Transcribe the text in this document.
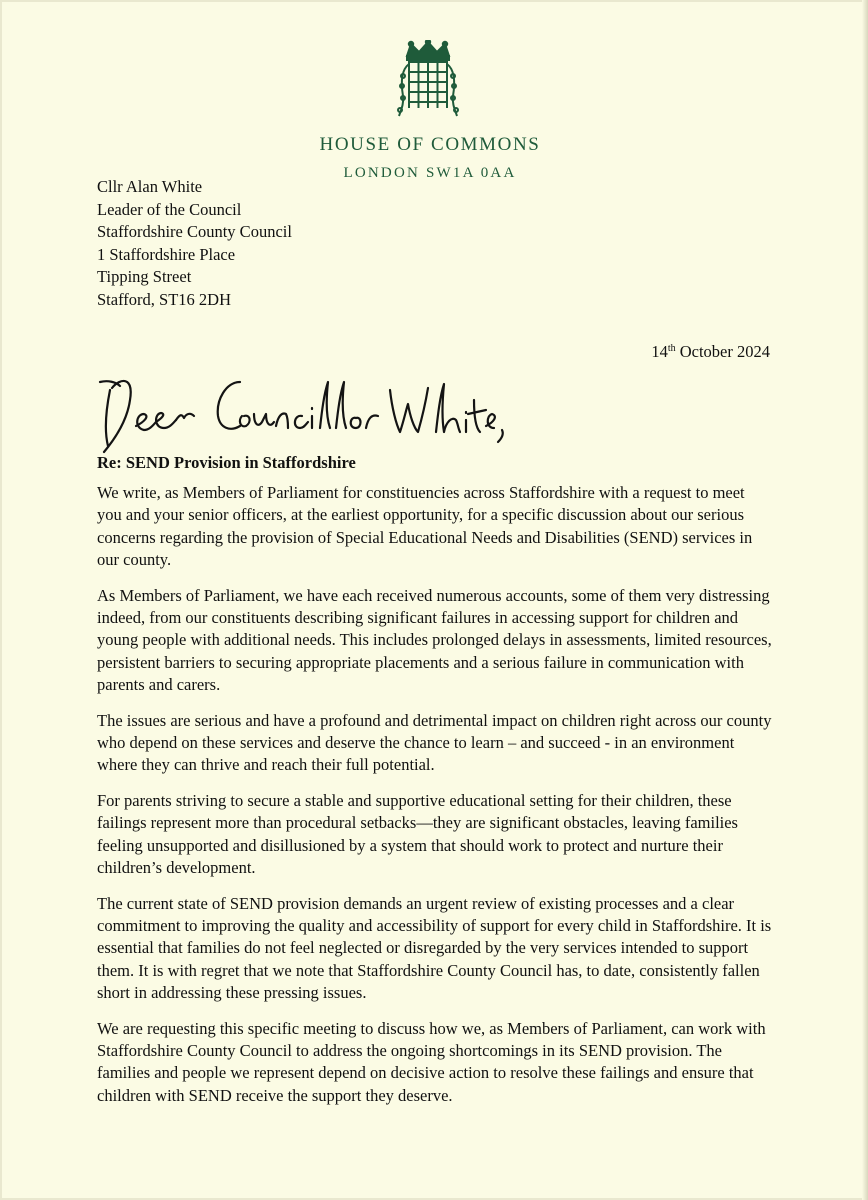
HOUSE OF COMMONS
LONDON SW1A 0AA
Cllr Alan White
Leader of the Council
Staffordshire County Council
1 Staffordshire Place
Tipping Street
Stafford, ST16 2DH
14th October 2024
Re: SEND Provision in Staffordshire

We write, as Members of Parliament for constituencies across Staffordshire with a request to meet you and your senior officers, at the earliest opportunity, for a specific discussion about our serious concerns regarding the provision of Special Educational Needs and Disabilities (SEND) services in our county.

As Members of Parliament, we have each received numerous accounts, some of them very distressing indeed, from our constituents describing significant failures in accessing support for children and young people with additional needs. This includes prolonged delays in assessments, limited resources, persistent barriers to securing appropriate placements and a serious failure in communication with parents and carers.

The issues are serious and have a profound and detrimental impact on children right across our county who depend on these services and deserve the chance to learn – and succeed - in an environment where they can thrive and reach their full potential.

For parents striving to secure a stable and supportive educational setting for their children, these failings represent more than procedural setbacks—they are significant obstacles, leaving families feeling unsupported and disillusioned by a system that should work to protect and nurture their children’s development.

The current state of SEND provision demands an urgent review of existing processes and a clear commitment to improving the quality and accessibility of support for every child in Staffordshire. It is essential that families do not feel neglected or disregarded by the very services intended to support them. It is with regret that we note that Staffordshire County Council has, to date, consistently fallen short in addressing these pressing issues.

We are requesting this specific meeting to discuss how we, as Members of Parliament, can work with Staffordshire County Council to address the ongoing shortcomings in its SEND provision. The families and people we represent depend on decisive action to resolve these failings and ensure that children with SEND receive the support they deserve.
